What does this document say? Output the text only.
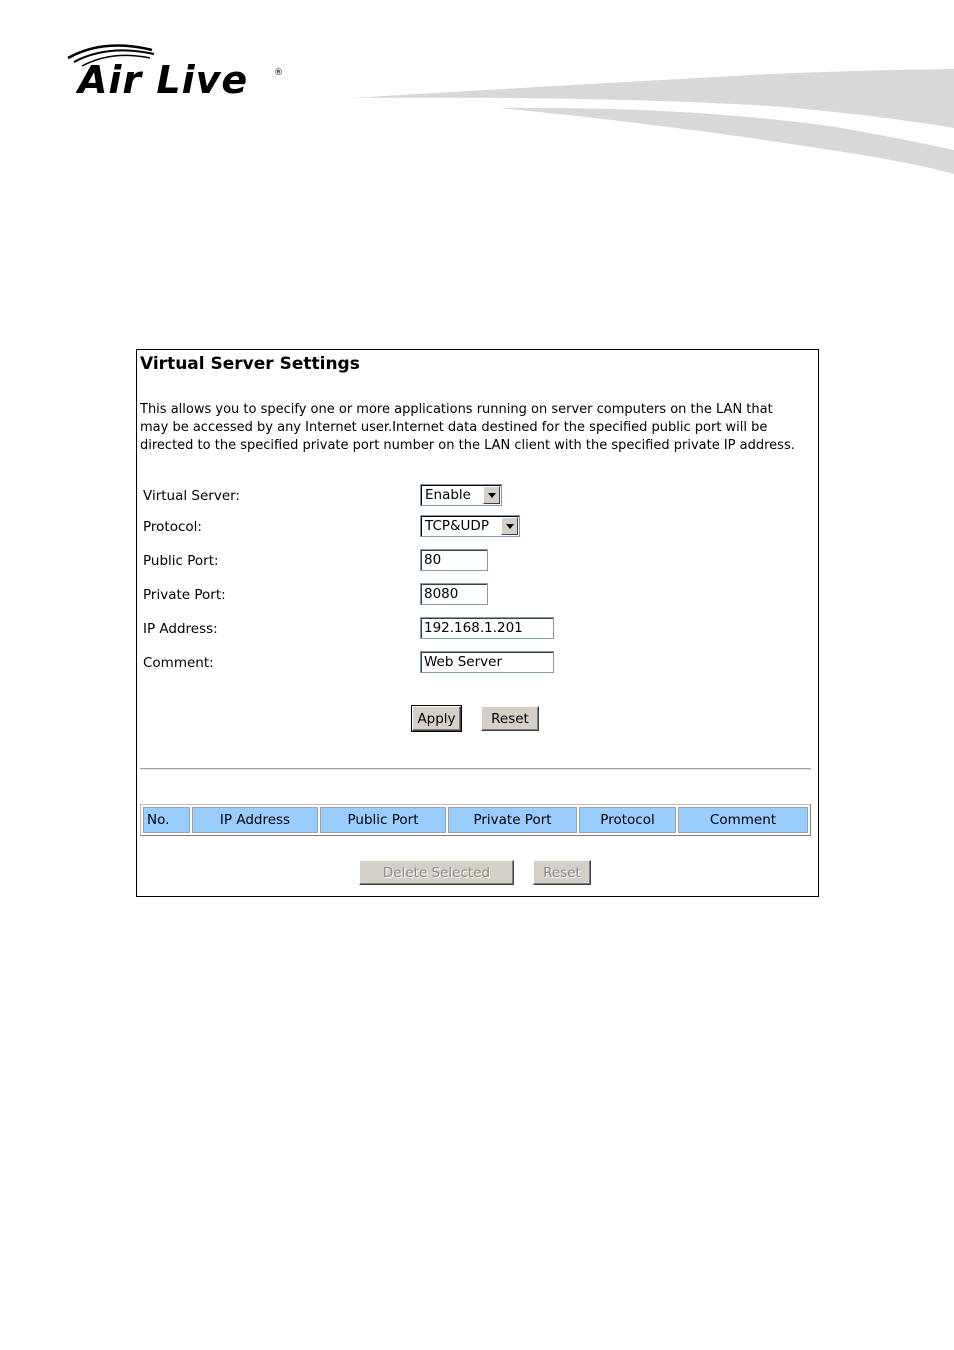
Air Live	®
Virtual Server Settings
This allows you to specify one or more applications running on server computers on the LAN that may be accessed by any Internet user.Internet data destined for the specified public port will be directed to the specified private port number on the LAN client with the specified private IP address.
Virtual Server:	Enable
Protocol:	TCP&UDP
Public Port:
80
Private Port:
8080
IP Address:
192.168.1.201
Comment:
Web Server
Apply	Reset
No.	IP Address	Public Port	Private Port	Protocol	Comment
Delete Selected	Reset
